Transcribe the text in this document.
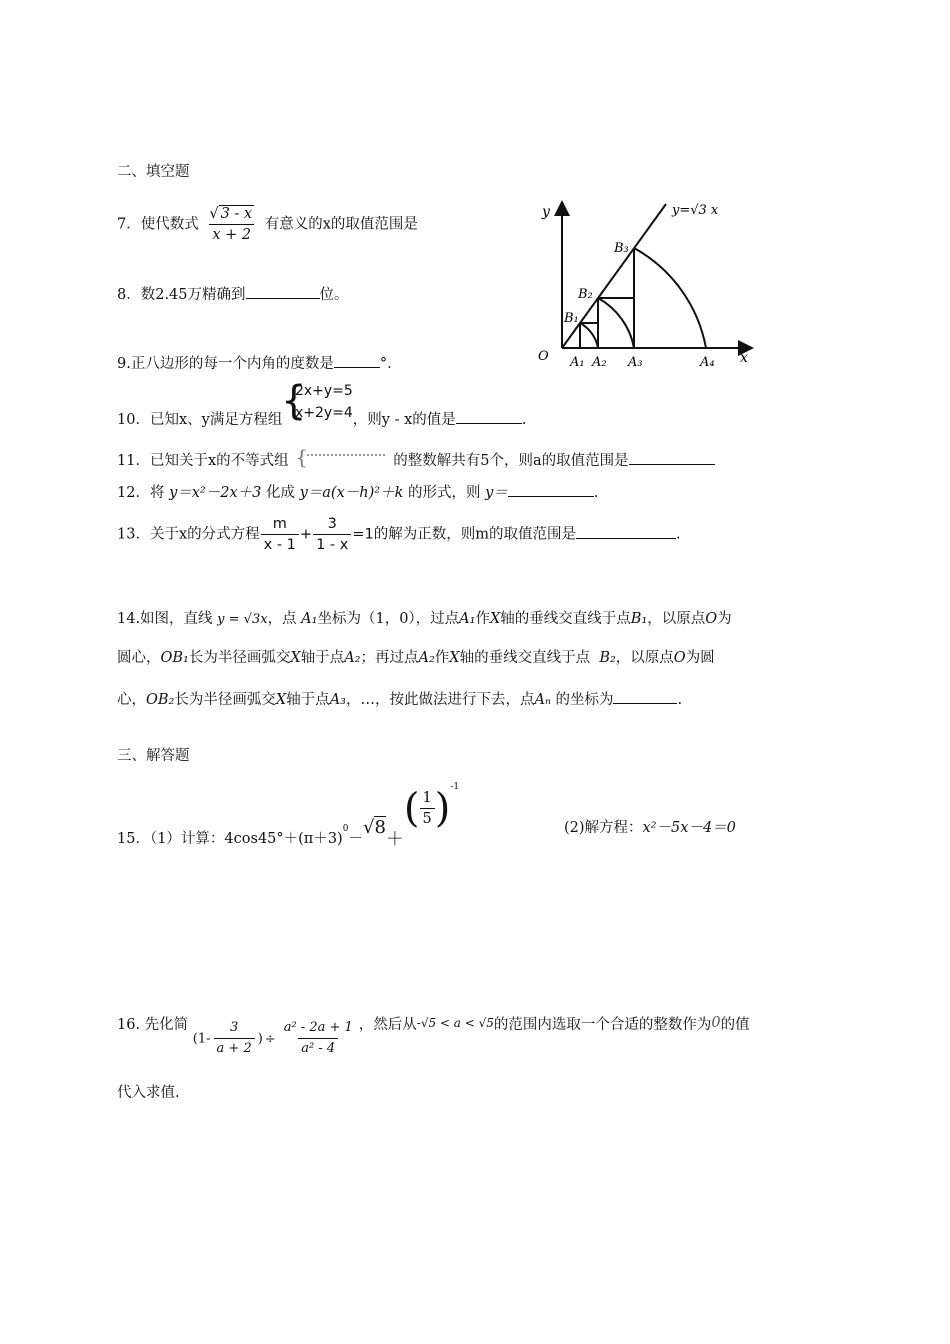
二、填空题
7．使代数式 $\frac{√ 3 - x}{x + 2}$ 有意义的x的取值范围是
8．数2.45万精确到	位。
9.正八边形的每一个内角的度数是	°．
10．已知x、y满足方程组
{
2x+y=5
x+2y=4 ，则y - x的值是	.
11．已知关于x的不等式组 {	的整数解共有5个，则a的取值范围是
12．将 y＝x²－2x＋3 化成 y＝a(x－h)²＋k 的形式，则 y＝	.
13．关于x的分式方程 $\frac{m}{x - 1} + \frac{3}{1 - x} =1$的解为正数，则m的取值范围是	.
14.如图，直线 y = √3x，点 A₁坐标为（1，0），过点A₁作X轴的垂线交直线于点B₁，以原点O为
圆心，OB₁长为半径画弧交X轴于点A₂；再过点A₂作X轴的垂线交直线于点 B₂，以原点O为圆
心，OB₂长为半径画弧交X轴于点A₃，…，按此做法进行下去，点Aₙ 的坐标为	.
y
x
y=√3 x
O A₁ A₂ A₃	A₄
B₁
B₂
B₃
三、解答题
15．（1）计算：$4\cos 45^\circ+(\pi+3)^0-√8+( \frac{1}{5} )^{-1}$
(2)解方程：x²－5x－4＝0
16. 先化简 ($1- \frac{3}{a + 2}$ ) ÷ $\frac{\text{a² - 2a + 1}}{\text{a² - 4}}$ ，然后从-√5 < a < √5的范围内选取一个合适的整数作为0的值
代入求值.
